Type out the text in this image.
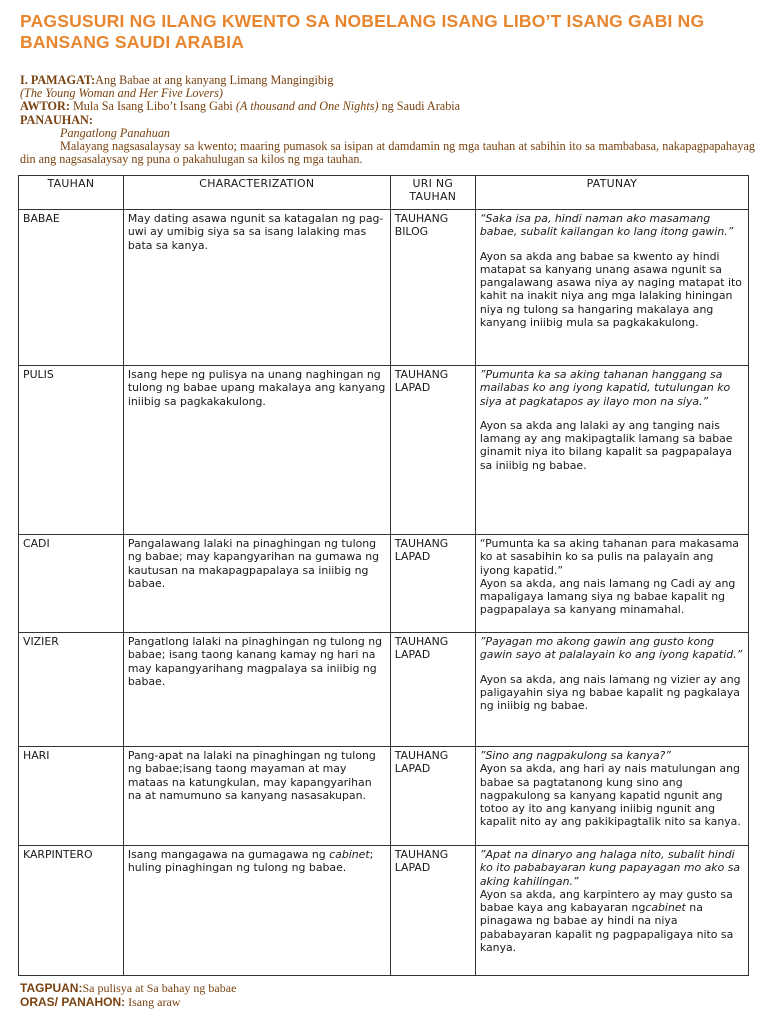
PAGSUSURI NG ILANG KWENTO SA NOBELANG ISANG LIBO’T ISANG GABI NG BANSANG SAUDI ARABIA
I. PAMAGAT:Ang Babae at ang kanyang Limang Mangingibig
(The Young Woman and Her Five Lovers)
AWTOR: Mula Sa Isang Libo’t Isang Gabi (A thousand and One Nights) ng Saudi Arabia
PANAUHAN:
Pangatlong Panahuan
Malayang nagsasalaysay sa kwento; maaring pumasok sa isipan at damdamin ng mga tauhan at sabihin ito sa mambabasa, nakapagpapahayag din ang nagsasalaysay ng puna o pakahulugan sa kilos ng mga tauhan.
TAUHAN	CHARACTERIZATION	URI NG TAUHAN	PATUNAY
BABAE	May dating asawa ngunit sa katagalan ng pag-uwi ay umibig siya sa sa isang lalaking mas bata sa kanya.	TAUHANG BILOG	“Saka isa pa, hindi naman ako masamang babae, subalit kailangan ko lang itong gawin.”
Ayon sa akda ang babae sa kwento ay hindi matapat sa kanyang unang asawa ngunit sa pangalawang asawa niya ay naging matapat ito kahit na inakit niya ang mga lalaking hiningan niya ng tulong sa hangaring makalaya ang kanyang iniibig mula sa pagkakakulong.

PULIS	Isang hepe ng pulisya na unang naghingan ng tulong ng babae upang makalaya ang kanyang iniibig sa pagkakakulong.	TAUHANG LAPAD	”Pumunta ka sa aking tahanan hanggang sa mailabas ko ang iyong kapatid, tutulungan ko siya at pagkatapos ay ilayo mon na siya.”
Ayon sa akda ang lalaki ay ang tanging nais lamang ay ang makipagtalik lamang sa babae ginamit niya ito bilang kapalit sa pagpapalaya sa iniibig ng babae.

CADI	Pangalawang lalaki na pinaghingan ng tulong ng babae; may kapangyarihan na gumawa ng kautusan na makapagpapalaya sa iniibig ng babae.	TAUHANG LAPAD	“Pumunta ka sa aking tahanan para makasama ko at sasabihin ko sa pulis na palayain ang iyong kapatid.”
Ayon sa akda, ang nais lamang ng Cadi ay ang mapaligaya lamang siya ng babae kapalit ng pagpapalaya sa kanyang minamahal.

VIZIER	Pangatlong lalaki na pinaghingan ng tulong ng babae; isang taong kanang kamay ng hari na may kapangyarihang magpalaya sa iniibig ng babae.	TAUHANG LAPAD	”Payagan mo akong gawin ang gusto kong gawin sayo at palalayain ko ang iyong kapatid.”
Ayon sa akda, ang nais lamang ng vizier ay ang paligayahin siya ng babae kapalit ng pagkalaya ng iniibig ng babae.

HARI	Pang-apat na lalaki na pinaghingan ng tulong ng babae;isang taong mayaman at may mataas na katungkulan, may kapangyarihan na at namumuno sa kanyang nasasakupan.	TAUHANG LAPAD	”Sino ang nagpakulong sa kanya?”
Ayon sa akda, ang hari ay nais matulungan ang babae sa pagtatanong kung sino ang nagpakulong sa kanyang kapatid ngunit ang totoo ay ito ang kanyang iniibig ngunit ang kapalit nito ay ang pakikipagtalik nito sa kanya.

KARPINTERO	Isang mangagawa na gumagawa ng cabinet; huling pinaghingan ng tulong ng babae.	TAUHANG LAPAD	”Apat na dinaryo ang halaga nito, subalit hindi ko ito pababayaran kung papayagan mo ako sa aking kahilingan.”
Ayon sa akda, ang karpintero ay may gusto sa babae kaya ang kabayaran ngcabinet na pinagawa ng babae ay hindi na niya pababayaran kapalit ng pagpapaligaya nito sa kanya.
TAGPUAN:Sa pulisya at Sa bahay ng babae
ORAS/ PANAHON: Isang araw
